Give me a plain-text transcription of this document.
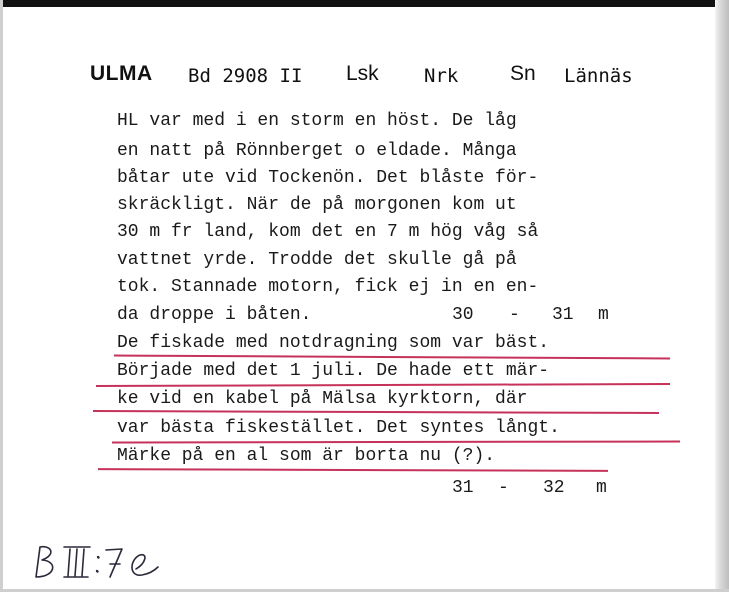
ULMA Bd 2908 II Lsk Nrk Sn Lännäs
HL var med i en storm en höst. De låg
en natt på Rönnberget o eldade. Många
båtar ute vid Tockenön. Det blåste för-
skräckligt. När de på morgonen kom ut
30 m fr land, kom det en 7 m hög våg så
vattnet yrde. Trodde det skulle gå på
tok. Stannade motorn, fick ej in en en-
da droppe i båten.	30 - 31 m
De fiskade med notdragning som var bäst.
Började med det 1 juli. De hade ett mär-
ke vid en kabel på Mälsa kyrktorn, där
var bästa fiskestället. Det syntes långt.
Märke på en al som är borta nu (?).
31 - 32 m
